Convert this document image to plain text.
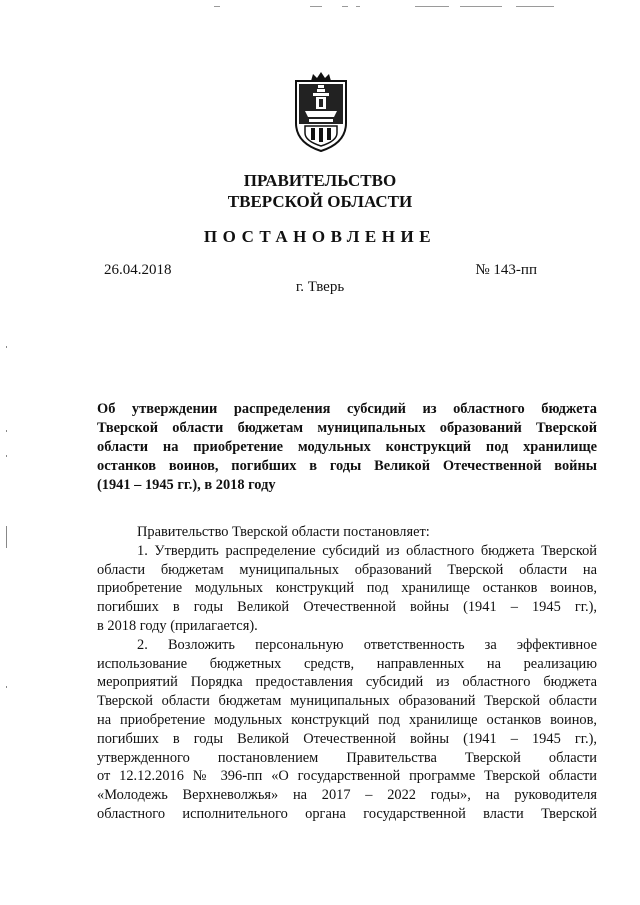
ПРАВИТЕЛЬСТВО
ТВЕРСКОЙ ОБЛАСТИ
ПОСТАНОВЛЕНИЕ
26.04.2018	№ 143-пп
г. Тверь
Об утверждении распределения субсидий из областного бюджета
Тверской области бюджетам муниципальных образований Тверской
области на приобретение модульных конструкций под хранилище
останков воинов, погибших в годы Великой Отечественной войны
(1941 – 1945 гг.), в 2018 году
Правительство Тверской области постановляет:
1. Утвердить распределение субсидий из областного бюджета Тверской
области бюджетам муниципальных образований Тверской области на
приобретение модульных конструкций под хранилище останков воинов,
погибших в годы Великой Отечественной войны (1941 – 1945 гг.),
в 2018 году (прилагается).
2. Возложить персональную ответственность за эффективное
использование бюджетных средств, направленных на реализацию
мероприятий Порядка предоставления субсидий из областного бюджета
Тверской области бюджетам муниципальных образований Тверской области
на приобретение модульных конструкций под хранилище останков воинов,
погибших в годы Великой Отечественной войны (1941 – 1945 гг.),
утвержденного постановлением Правительства Тверской области
от 12.12.2016 № 396-пп «О государственной программе Тверской области
«Молодежь Верхневолжья» на 2017 – 2022 годы», на руководителя
областного исполнительного органа государственной власти Тверской
